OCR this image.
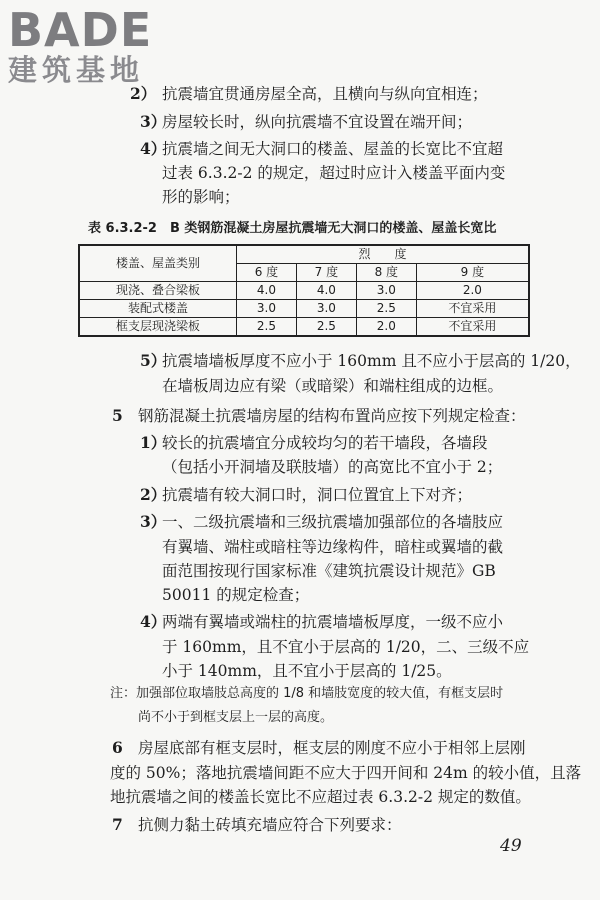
BADE
建筑基地
2） 抗震墙宜贯通房屋全高，且横向与纵向宜相连；
3）
房屋较长时，纵向抗震墙不宜设置在端开间；
4）
抗震墙之间无大洞口的楼盖、屋盖的长宽比不宜超
过表 6.3.2-2 的规定，超过时应计入楼盖平面内变
形的影响；
表 6.3.2-2　B 类钢筋混凝土房屋抗震墙无大洞口的楼盖、屋盖长宽比
楼盖、屋盖类别	烈　　度			
	6 度	7 度	8 度	9 度
现浇、叠合梁板	4.0	4.0	3.0	2.0
装配式楼盖	3.0	3.0	2.5	不宜采用
框支层现浇梁板	2.5	2.5	2.0	不宜采用
5）
抗震墙墙板厚度不应小于 160mm 且不应小于层高的 1/20，
在墙板周边应有梁（或暗梁）和端柱组成的边框。
5 钢筋混凝土抗震墙房屋的结构布置尚应按下列规定检查：
1）
较长的抗震墙宜分成较均匀的若干墙段，各墙段
（包括小开洞墙及联肢墙）的高宽比不宜小于 2；
2）
抗震墙有较大洞口时，洞口位置宜上下对齐；
3）
一、二级抗震墙和三级抗震墙加强部位的各墙肢应
有翼墙、端柱或暗柱等边缘构件，暗柱或翼墙的截
面范围按现行国家标准《建筑抗震设计规范》GB
50011 的规定检查；
4）
两端有翼墙或端柱的抗震墙墙板厚度，一级不应小
于 160mm，且不宜小于层高的 1/20，二、三级不应
小于 140mm，且不宜小于层高的 1/25。
注：加强部位取墙肢总高度的 1/8 和墙肢宽度的较大值，有框支层时
尚不小于到框支层上一层的高度。
6 房屋底部有框支层时，框支层的刚度不应小于相邻上层刚
度的 50%；落地抗震墙间距不应大于四开间和 24m 的较小值，且落
地抗震墙之间的楼盖长宽比不应超过表 6.3.2-2 规定的数值。
7 抗侧力黏土砖填充墙应符合下列要求：
49
